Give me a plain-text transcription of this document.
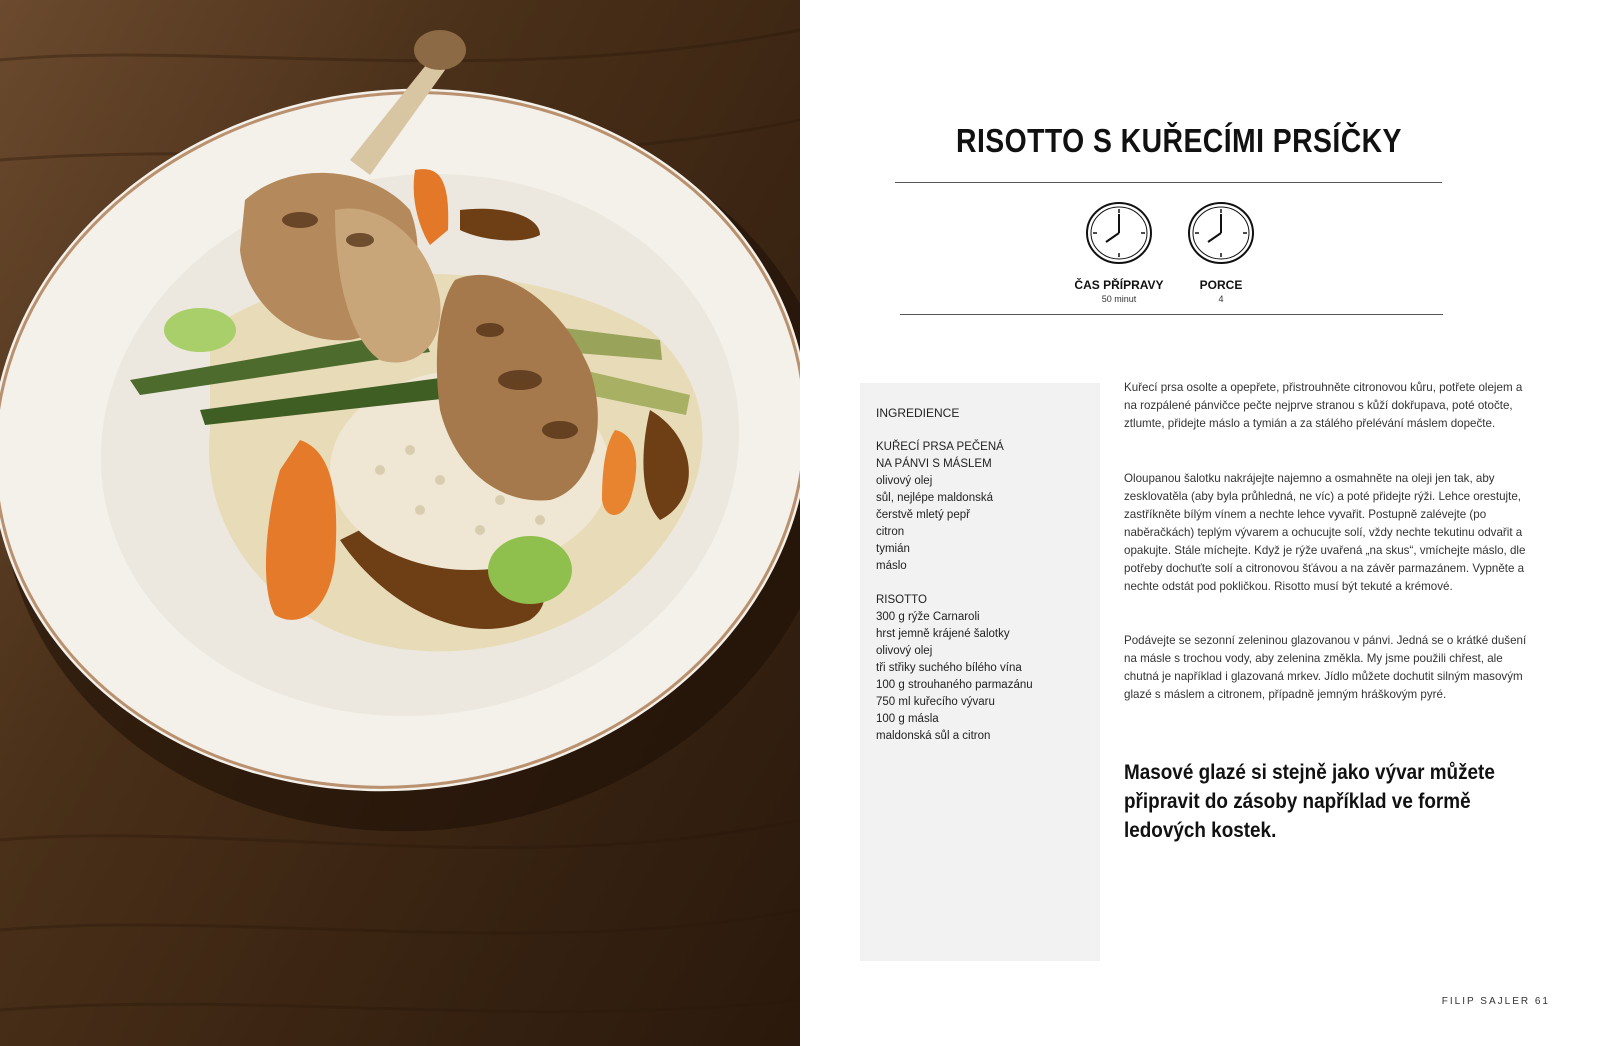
RISOTTO S KUŘECÍMI PRSÍČKY
ČAS PŘÍPRAVY
50 minut
PORCE
4
INGREDIENCE
KUŘECÍ PRSA PEČENÁ
NA PÁNVI S MÁSLEM
olivový olej
sůl, nejlépe maldonská
čerstvě mletý pepř
citron
tymián
máslo
RISOTTO
300 g rýže Carnaroli
hrst jemně krájené šalotky
olivový olej
tři střiky suchého bílého vína
100 g strouhaného parmazánu
750 ml kuřecího vývaru
100 g másla
maldonská sůl a citron

Kuřecí prsa osolte a opepřete, přistrouhněte citronovou kůru, potřete olejem a na rozpálené pánvičce pečte nejprve stranou s kůží dokřupava, poté otočte, ztlumte, přidejte máslo a tymián a za stálého přelévání máslem dopečte.

Oloupanou šalotku nakrájejte najemno a osmahněte na oleji jen tak, aby zesklovatěla (aby byla průhledná, ne víc) a poté přidejte rýži. Lehce orestujte, zastříkněte bílým vínem a nechte lehce vyvařit. Postupně zalévejte (po naběračkách) teplým vývarem a ochucujte solí, vždy nechte tekutinu odvařit a opakujte. Stále míchejte. Když je rýže uvařená „na skus“, vmíchejte máslo, dle potřeby dochuťte solí a citronovou šťávou a na závěr parmazánem. Vypněte a nechte odstát pod pokličkou. Risotto musí být tekuté a krémové.

Podávejte se sezonní zeleninou glazovanou v pánvi. Jedná se o krátké dušení na másle s trochou vody, aby zelenina změkla. My jsme použili chřest, ale chutná je například i glazovaná mrkev. Jídlo můžete dochutit silným masovým glazé s máslem a citronem, případně jemným hráškovým pyré.

Masové glazé si stejně jako vývar můžete připravit do zásoby například ve formě ledových kostek.
FILIP SAJLER 61
